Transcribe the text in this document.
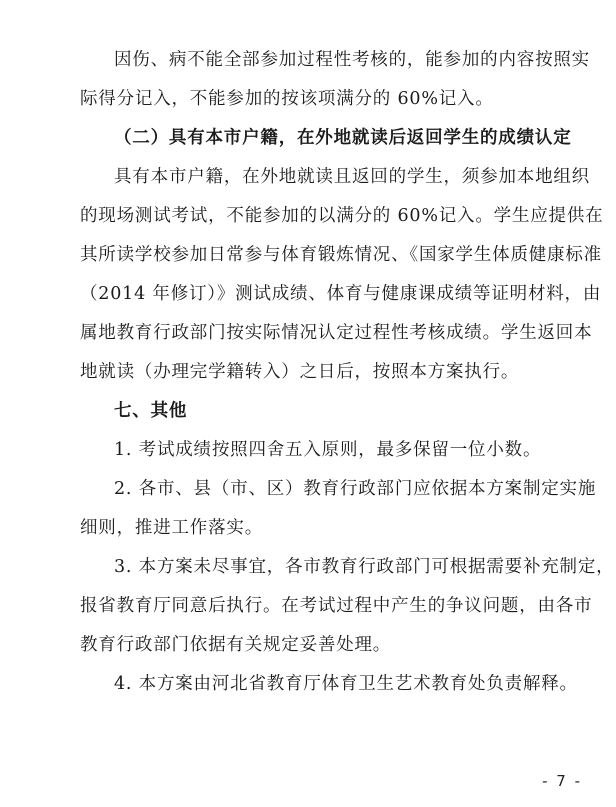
因伤、病不能全部参加过程性考核的，能参加的内容按照实
际得分记入，不能参加的按该项满分的 60%记入。
（二）具有本市户籍，在外地就读后返回学生的成绩认定
具有本市户籍，在外地就读且返回的学生，须参加本地组织
的现场测试考试，不能参加的以满分的 60%记入。学生应提供在
其所读学校参加日常参与体育锻炼情况、《国家学生体质健康标准
（2014 年修订）》测试成绩、体育与健康课成绩等证明材料，由
属地教育行政部门按实际情况认定过程性考核成绩。学生返回本
地就读（办理完学籍转入）之日后，按照本方案执行。
七、其他
1. 考试成绩按照四舍五入原则，最多保留一位小数。
2. 各市、县（市、区）教育行政部门应依据本方案制定实施
细则，推进工作落实。
3. 本方案未尽事宜，各市教育行政部门可根据需要补充制定，
报省教育厅同意后执行。在考试过程中产生的争议问题，由各市
教育行政部门依据有关规定妥善处理。
4. 本方案由河北省教育厅体育卫生艺术教育处负责解释。
- 7 -
